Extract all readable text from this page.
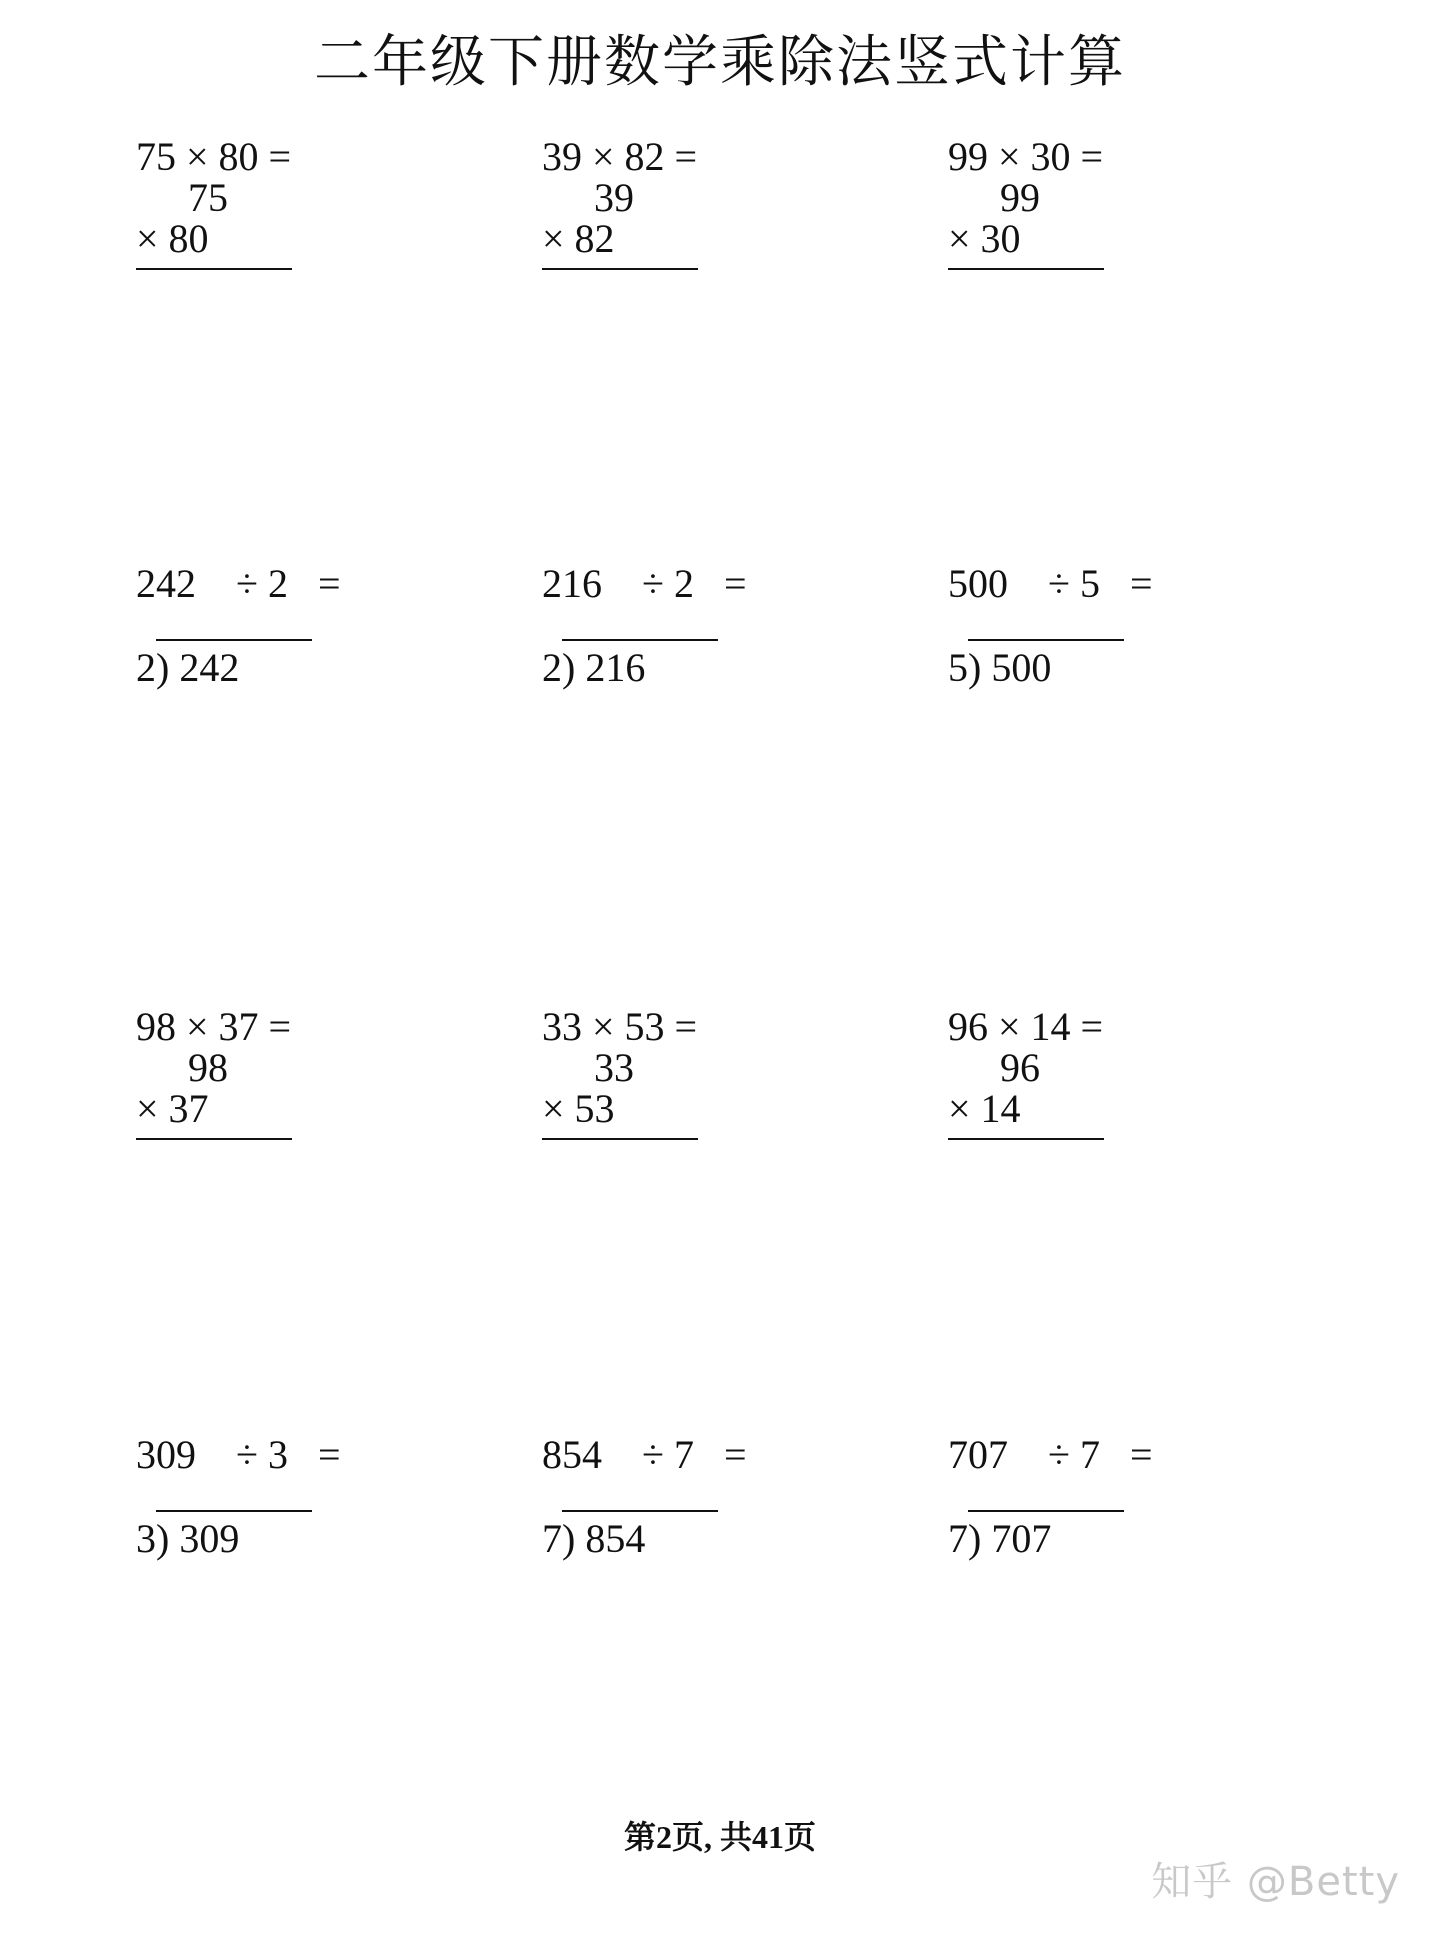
二年级下册数学乘除法竖式计算
75 × 80 =
75
× 80
39 × 82 =
39
× 82
99 × 30 =
99
× 30
242    ÷ 2   =
2) 242
216    ÷ 2   =
2) 216
500    ÷ 5   =
5) 500
98 × 37 =
98
× 37
33 × 53 =
33
× 53
96 × 14 =
96
× 14
309    ÷ 3   =
3) 309
854    ÷ 7   =
7) 854
707    ÷ 7   =
7) 707
第2页, 共41页
知乎 @Betty
